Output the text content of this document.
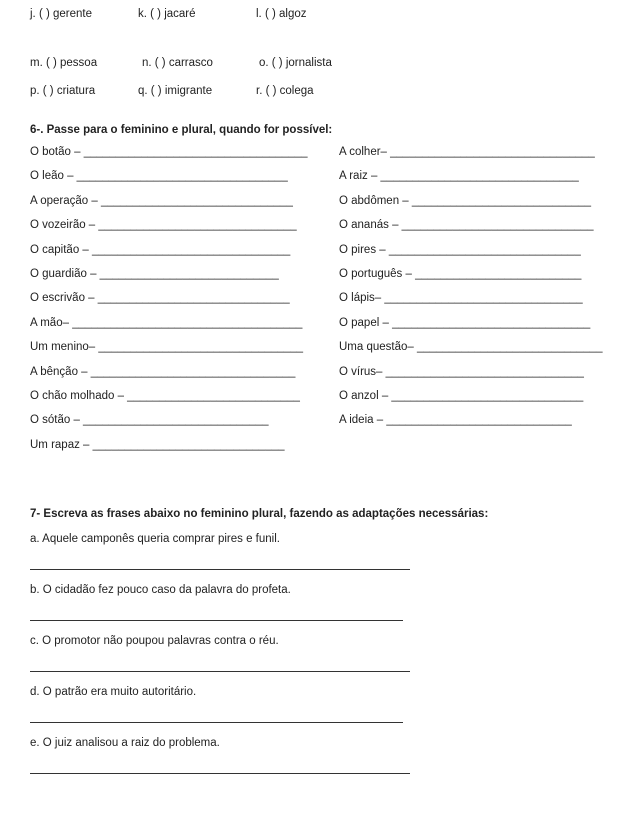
j. ( ) gerente	k. ( ) jacaré	l. ( ) algoz
m. ( ) pessoa	n. ( ) carrasco	o. ( ) jornalista
p. ( ) criatura	q. ( ) imigrante	r. ( ) colega
6-. Passe para o feminino e plural, quando for possível:
O botão – ___________________________________
O leão – _________________________________
A operação – ______________________________
O vozeirão – _______________________________
O capitão – _______________________________
O guardião – ____________________________
O escrivão – ______________________________
A mão– ____________________________________
Um menino– ________________________________
A bênção – ________________________________
O chão molhado – ___________________________
O sótão – _____________________________
Um rapaz – ______________________________
A colher– ________________________________
A raiz – _______________________________
O abdômen – ____________________________
O ananás – ______________________________
O pires – ______________________________
O português – __________________________
O lápis– _______________________________
O papel – _______________________________
Uma questão– _____________________________
O vírus– _______________________________
O anzol – ______________________________
A ideia – _____________________________
7- Escreva as frases abaixo no feminino plural, fazendo as adaptações necessárias:
a. Aquele camponês queria comprar pires e funil.
b. O cidadão fez pouco caso da palavra do profeta.
c. O promotor não poupou palavras contra o réu.
d. O patrão era muito autoritário.
e. O juiz analisou a raiz do problema.
